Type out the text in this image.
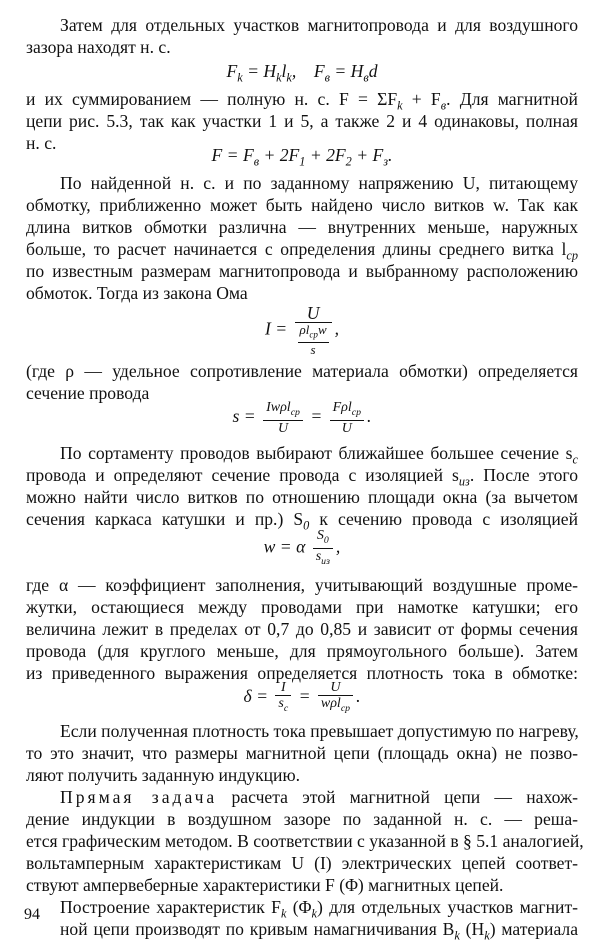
Затем для отдельных участков магнитопровода и для воздушного
зазора находят н. с.
$F_k = H_kl_k$,    $F_в = H_вd$
и их суммированием — полную н. с. $F = \Sigma F_k + F_в$. Для магнитной
цепи рис. 5.3, так как участки 1 и 5, а также 2 и 4 одинаковы, полная
н. с.
$F = F_в + 2F_1 + 2F_2 + F_з$.
По найденной н. с. и по заданному напряжению U, питающему
обмотку, приближенно может быть найдено число витков w. Так как
длина витков обмотки различна — внутренних меньше, наружных
больше, то расчет начинается с определения длины среднего витка $l_{ср}$
по известным размерам магнитопровода и выбранному расположению
обмоток. Тогда из закона Ома
I = U
$\rho l_{ср}w$
s ,
(где ρ — удельное сопротивление материала обмотки) определяется
сечение провода
$s = \frac{Iw\rho l_{ср}}{U} = \frac{F\rho l_{ср}}{U}$ .
По сортаменту проводов выбирают ближайшее большее сечение $s_с$
провода и определяют сечение провода с изоляцией $s_{из}$. После этого
можно найти число витков по отношению площади окна (за вычетом
сечения каркаса катушки и пр.) $S_0$ к сечению провода с изоляцией
w = α $\frac{S_0}{s_{из}}$ ,
где α — коэффициент заполнения, учитывающий воздушные проме-
жутки, остающиеся между проводами при намотке катушки; его
величина лежит в пределах от 0,7 до 0,85 и зависит от формы сечения
провода (для круглого меньше, для прямоугольного больше). Затем
из приведенного выражения определяется плотность тока в обмотке:
$\delta = \frac{I}{s_с} = \frac{U}{w\rho l_{ср}}$ .
Если полученная плотность тока превышает допустимую по нагреву,
то это значит, что размеры магнитной цепи (площадь окна) не позво-
ляют получить заданную индукцию.
Прямая задача расчета этой магнитной цепи — нахож-
дение индукции в воздушном зазоре по заданной н. с. — реша-
ется графическим методом. В соответствии с указанной в § 5.1 аналогией,
вольтамперным характеристикам U (I) электрических цепей соответ-
ствуют ампервеберные характеристики F (Φ) магнитных цепей.
Построение характеристик $F_k$ $(\Phi_k)$ для отдельных участков магнит-
ной цепи производят по кривым намагничивания $B_k$ $(H_k)$ материала
94
